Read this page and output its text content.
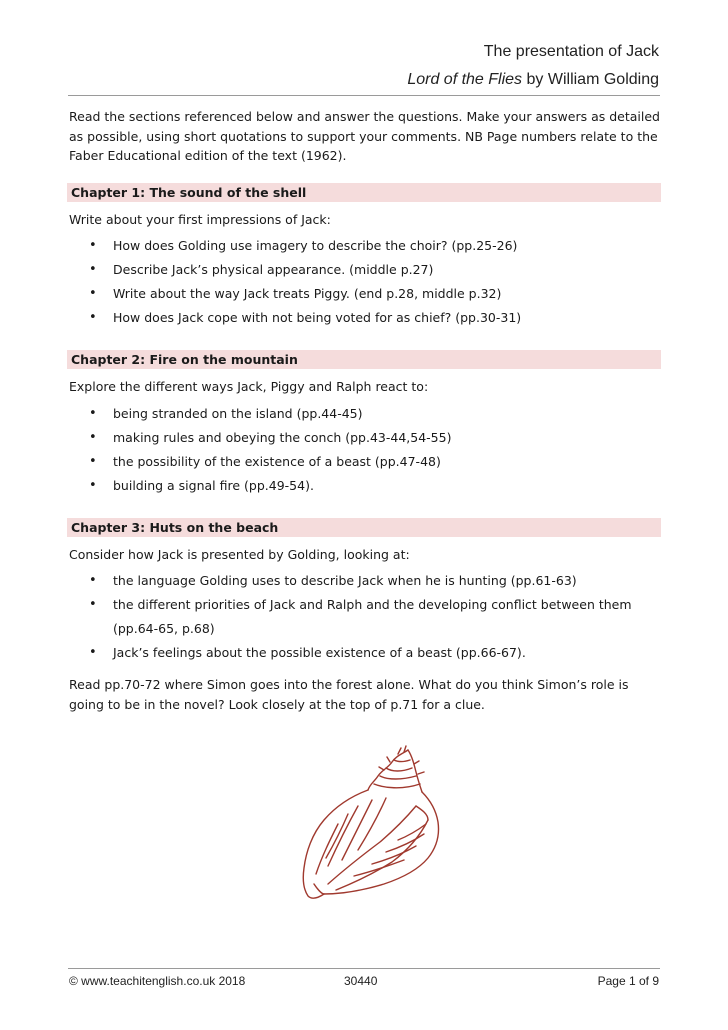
The presentation of Jack
Lord of the Flies by William Golding

Read the sections referenced below and answer the questions. Make your answers as detailed as possible, using short quotations to support your comments. NB Page numbers relate to the Faber Educational edition of the text (1962).

Chapter 1: The sound of the shell

Write about your first impressions of Jack:

• How does Golding use imagery to describe the choir? (pp.25-26)
• Describe Jack’s physical appearance. (middle p.27)
• Write about the way Jack treats Piggy. (end p.28, middle p.32)
• How does Jack cope with not being voted for as chief? (pp.30-31)
Chapter 2: Fire on the mountain

Explore the different ways Jack, Piggy and Ralph react to:

• being stranded on the island (pp.44-45)
• making rules and obeying the conch (pp.43-44,54-55)
• the possibility of the existence of a beast (pp.47-48)
• building a signal fire (pp.49-54).
Chapter 3: Huts on the beach

Consider how Jack is presented by Golding, looking at:

• the language Golding uses to describe Jack when he is hunting (pp.61-63)
• the different priorities of Jack and Ralph and the developing conflict between them (pp.64-65, p.68)
• Jack’s feelings about the possible existence of a beast (pp.66-67).

Read pp.70-72 where Simon goes into the forest alone. What do you think Simon’s role is going to be in the novel? Look closely at the top of p.71 for a clue.

© www.teachitenglish.co.uk 2018	30440	Page 1 of 9
